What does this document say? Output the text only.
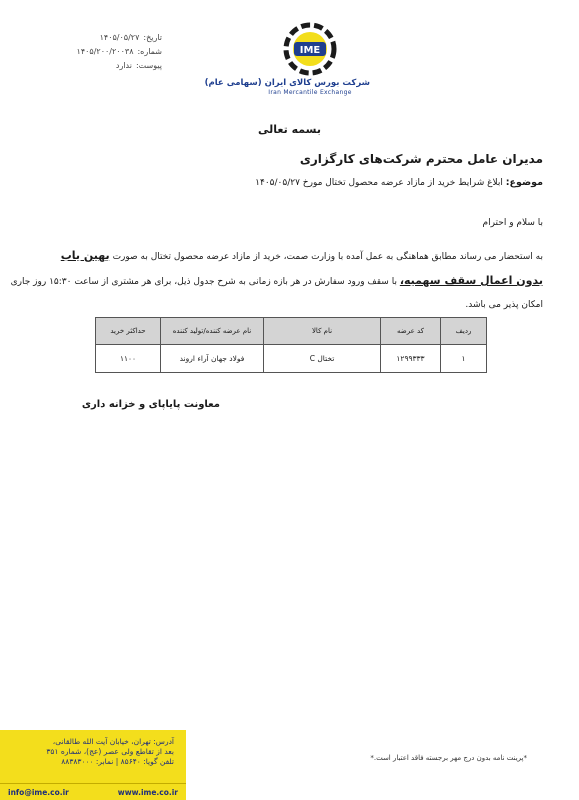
تاریخ:
۱۴۰۵/۰۵/۲۷
شماره:
۱۴۰۵/۲۰۰/۲۰۰۳۸
پیوست:
ندارد
IME
شرکت بورس کالای ایران (سهامی عام)
Iran Mercantile Exchange
بسمه تعالی
مدیران عامل محترم شرکت‌های کارگزاری
موضوع: ابلاغ شرایط خرید از مازاد عرضه محصول تختال مورخ ۱۴۰۵/۰۵/۲۷
با سلام و احترام
به استحضار می رساند مطابق هماهنگی به عمل آمده با وزارت صمت، خرید از مازاد عرضه محصول تختال به صورت بهین یاب
بدون اعمال سقف سهمیه، با سقف ورود سفارش در هر بازه زمانی به شرح جدول ذیل، برای هر مشتری از ساعت ۱۵:۳۰ روز جاری
امکان پذیر می باشد.
ردیف	کد عرضه	نام کالا	نام عرضه کننده/تولید کننده	حداکثر خرید
۱	۱۲۹۹۳۳۳	تختال C	فولاد جهان آراء اروند	۱۱۰۰
معاونت پایاپای و خزانه داری
*پرینت نامه بدون درج مهر برجسته فاقد اعتبار است.*
آدرس: تهران، خیابان آیت الله طالقانی،
بعد از تقاطع ولی عصر (عج)، شماره ۳۵۱
تلفن گویا: ۸۵۶۴۰ | نمابر: ۸۸۳۸۳۰۰۰
info@ime.co.ir	www.ime.co.ir
